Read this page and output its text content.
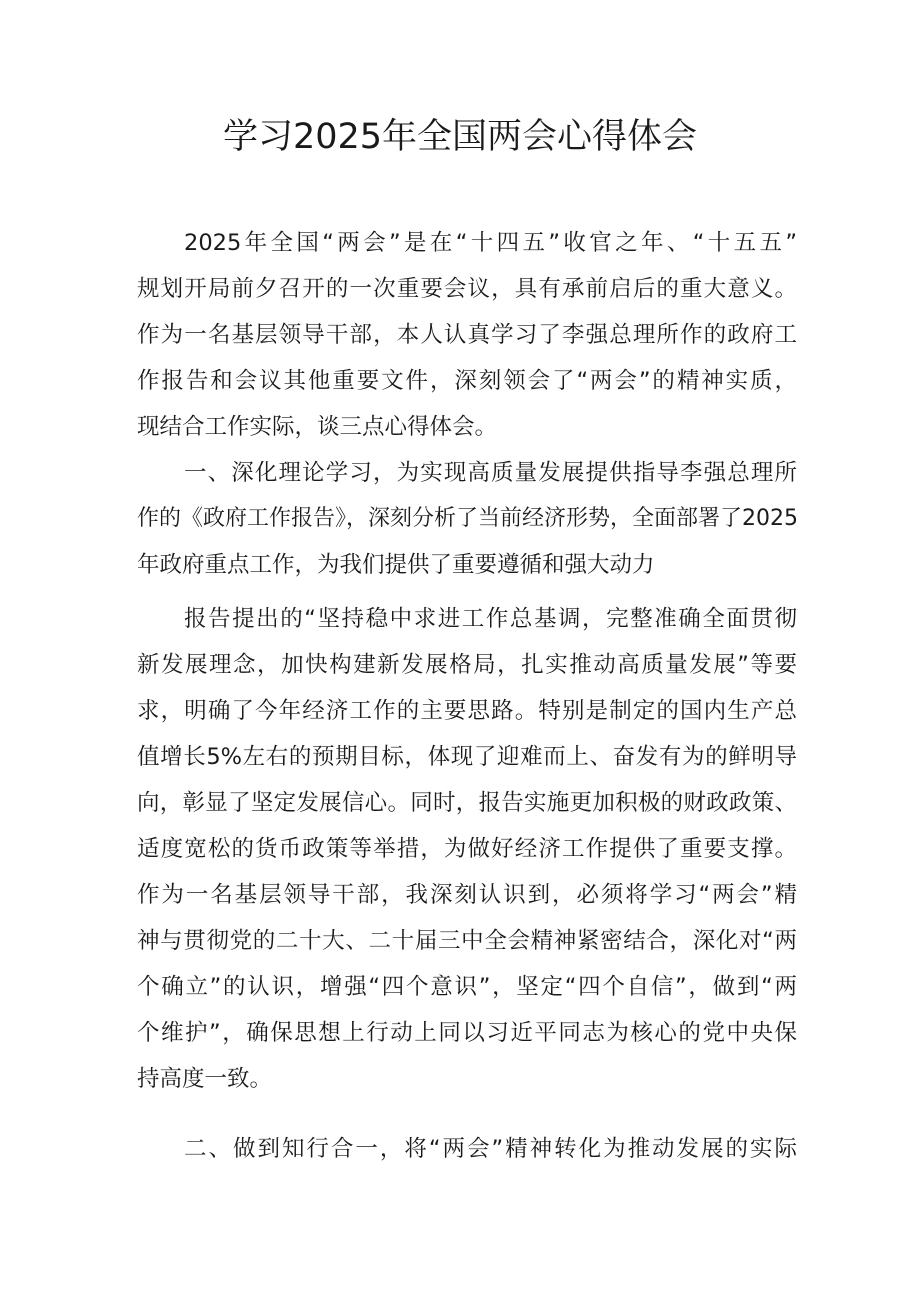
学习2025年全国两会心得体会

2025年全国“两会”是在“十四五”收官之年、“十五五”

规划开局前夕召开的一次重要会议，具有承前启后的重大意义。

作为一名基层领导干部，本人认真学习了李强总理所作的政府工

作报告和会议其他重要文件，深刻领会了“两会”的精神实质，

现结合工作实际，谈三点心得体会。

一、深化理论学习，为实现高质量发展提供指导李强总理所

作的《政府工作报告》，深刻分析了当前经济形势，全面部署了2025

年政府重点工作，为我们提供了重要遵循和强大动力

报告提出的“坚持稳中求进工作总基调，完整准确全面贯彻

新发展理念，加快构建新发展格局，扎实推动高质量发展”等要

求，明确了今年经济工作的主要思路。特别是制定的国内生产总

值增长5%左右的预期目标，体现了迎难而上、奋发有为的鲜明导

向，彰显了坚定发展信心。同时，报告实施更加积极的财政政策、

适度宽松的货币政策等举措，为做好经济工作提供了重要支撑。

作为一名基层领导干部，我深刻认识到，必须将学习“两会”精

神与贯彻党的二十大、二十届三中全会精神紧密结合，深化对“两

个确立”的认识，增强“四个意识”，坚定“四个自信”，做到“两

个维护”，确保思想上行动上同以习近平同志为核心的党中央保

持高度一致。

二、做到知行合一，将“两会”精神转化为推动发展的实际
